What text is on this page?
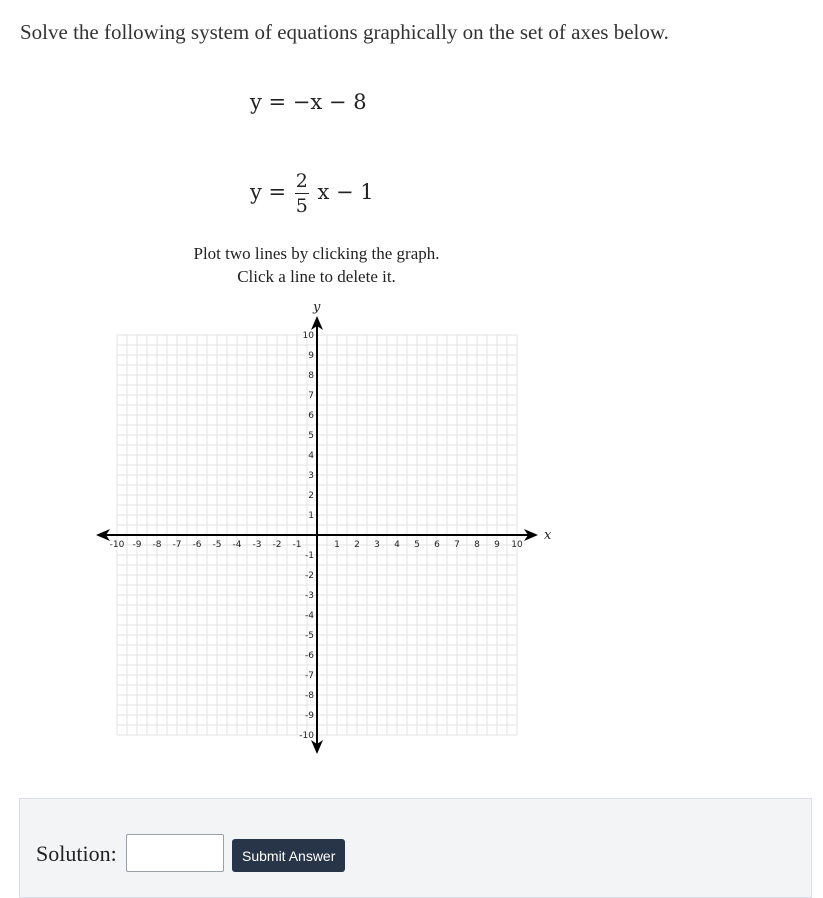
Solve the following system of equations graphically on the set of axes below.

y = −x − 8
$y = \frac{2}{5}$ x − 1
Plot two lines by clicking the graph.
Click a line to delete it.
x
y
-10 -9 -8 -7 -6 -5 -4 -3 -2 -1	1 2 3 4 5 6 7 8 9 10
10
9
8
7
6
5
4
3
2
1
-1
-2
-3
-4
-5
-6
-7
-8
-9
-10
Solution:	Submit Answer
